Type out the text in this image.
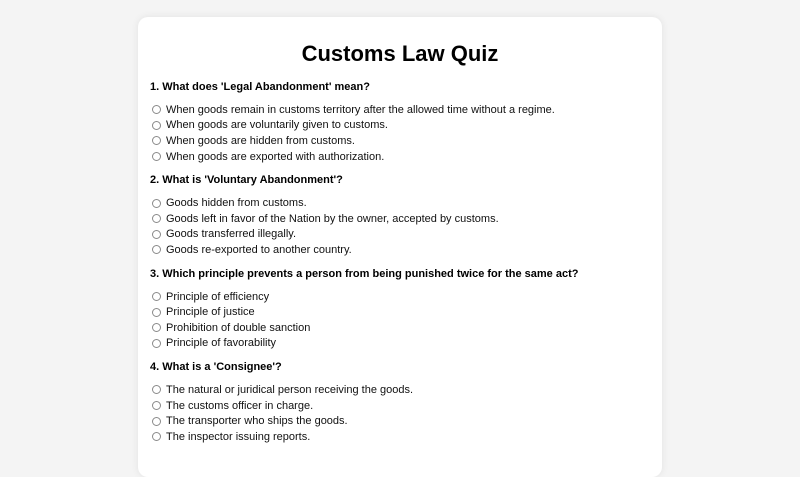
Customs Law Quiz

1. What does 'Legal Abandonment' mean?

When goods remain in customs territory after the allowed time without a regime.
When goods are voluntarily given to customs.
When goods are hidden from customs.
When goods are exported with authorization.

2. What is 'Voluntary Abandonment'?

Goods hidden from customs.
Goods left in favor of the Nation by the owner, accepted by customs.
Goods transferred illegally.
Goods re-exported to another country.

3. Which principle prevents a person from being punished twice for the same act?

Principle of efficiency
Principle of justice
Prohibition of double sanction
Principle of favorability

4. What is a 'Consignee'?

The natural or juridical person receiving the goods.
The customs officer in charge.
The transporter who ships the goods.
The inspector issuing reports.
